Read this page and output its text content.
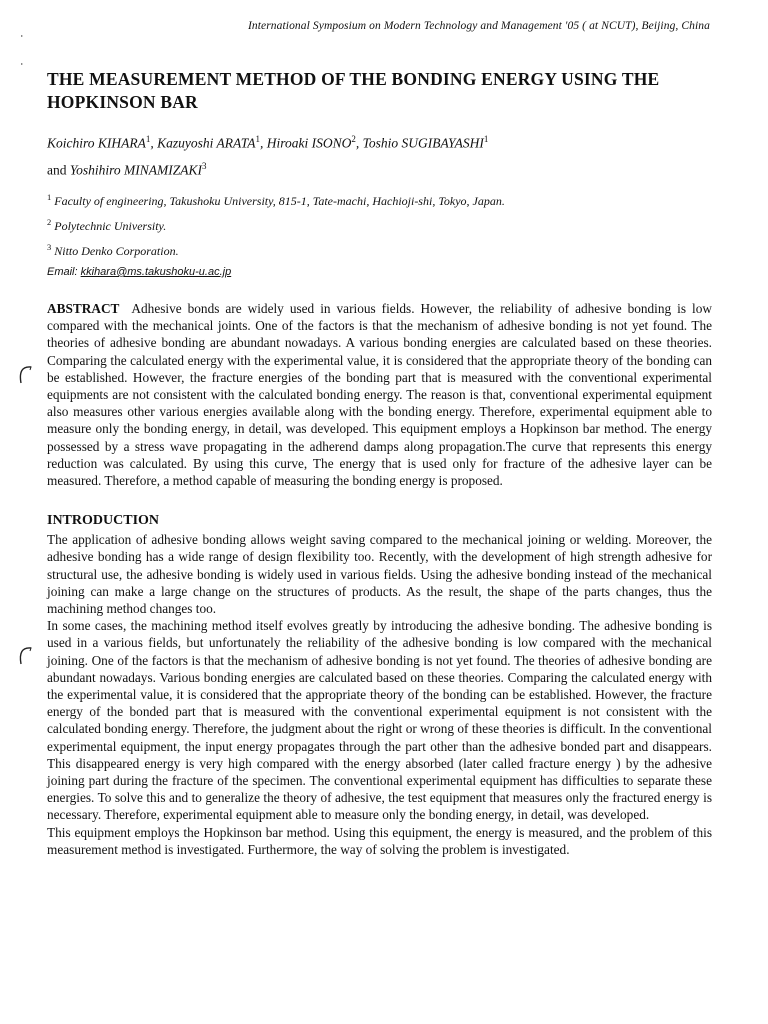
International Symposium on Modern Technology and Management '05 ( at NCUT), Beijing, China
‧
‧
THE MEASUREMENT METHOD OF THE BONDING ENERGY USING THE HOPKINSON BAR
Koichiro KIHARA$^1$, Kazuyoshi ARATA$^1$, Hiroaki ISONO$^2$, Toshio SUGIBAYASHI$^1$
and Yoshihiro MINAMIZAKI$^3$
$^1$ Faculty of engineering, Takushoku University, 815-1, Tate-machi, Hachioji-shi, Tokyo, Japan.
$^2$ Polytechnic University.
$^3$ Nitto Denko Corporation.
Email: kkihara@ms.takushoku-u.ac.jp

ABSTRACT Adhesive bonds are widely used in various fields. However, the reliability of adhesive bonding is low compared with the mechanical joints. One of the factors is that the mechanism of adhesive bonding is not yet found. The theories of adhesive bonding are abundant nowadays. A various bonding energies are calculated based on these theories. Comparing the calculated energy with the experimental value, it is considered that the appropriate theory of the bonding can be established. However, the fracture energies of the bonding part that is measured with the conventional experimental equipments are not consistent with the calculated bonding energy. The reason is that, conventional experimental equipment also measures other various energies available along with the bonding energy. Therefore, experimental equipment able to measure only the bonding energy, in detail, was developed. This equipment employs a Hopkinson bar method. The energy possessed by a stress wave propagating in the adherend damps along propagation.The curve that represents this energy reduction was calculated. By using this curve, The energy that is used only for fracture of the adhesive layer can be measured. Therefore, a method capable of measuring the bonding energy is proposed.

INTRODUCTION

The application of adhesive bonding allows weight saving compared to the mechanical joining or welding. Moreover, the adhesive bonding has a wide range of design flexibility too. Recently, with the development of high strength adhesive for structural use, the adhesive bonding is widely used in various fields. Using the adhesive bonding instead of the mechanical joining can make a large change on the structures of products. As the result, the shape of the parts changes, thus the machining method changes too.

In some cases, the machining method itself evolves greatly by introducing the adhesive bonding. The adhesive bonding is used in a various fields, but unfortunately the reliability of the adhesive bonding is low compared with the mechanical joining. One of the factors is that the mechanism of adhesive bonding is not yet found. The theories of adhesive bonding are abundant nowadays. Various bonding energies are calculated based on these theories. Comparing the calculated energy with the experimental value, it is considered that the appropriate theory of the bonding can be established. However, the fracture energy of the bonded part that is measured with the conventional experimental equipment is not consistent with the calculated bonding energy. Therefore, the judgment about the right or wrong of these theories is difficult. In the conventional experimental equipment, the input energy propagates through the part other than the adhesive bonded part and disappears. This disappeared energy is very high compared with the energy absorbed (later called fracture energy ) by the adhesive joining part during the fracture of the specimen. The conventional experimental equipment has difficulties to separate these energies. To solve this and to generalize the theory of adhesive, the test equipment that measures only the fractured energy is necessary. Therefore, experimental equipment able to measure only the bonding energy, in detail, was developed.

This equipment employs the Hopkinson bar method. Using this equipment, the energy is measured, and the problem of this measurement method is investigated. Furthermore, the way of solving the problem is investigated.
